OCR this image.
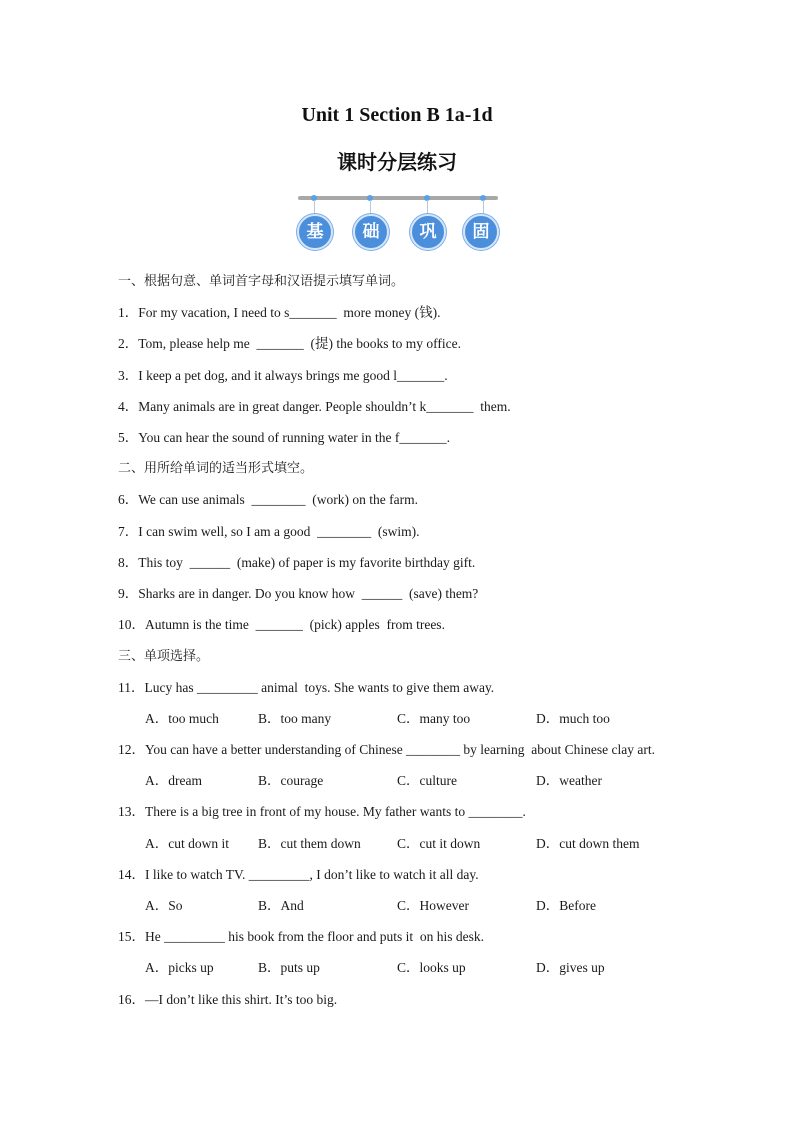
Unit 1 Section B 1a-1d
课时分层练习
基	础	巩	固
一、根据句意、单词首字母和汉语提示填写单词。
1．For my vacation, I need to s_______  more money (钱).
2．Tom, please help me  _______  (提) the books to my office.
3．I keep a pet dog, and it always brings me good l_______.
4．Many animals are in great danger. People shouldn’t k_______  them.
5．You can hear the sound of running water in the f_______.
二、用所给单词的适当形式填空。
6．We can use animals  ________  (work) on the farm.
7．I can swim well, so I am a good  ________  (swim).
8．This toy  ______  (make) of paper is my favorite birthday gift.
9．Sharks are in danger. Do you know how  ______  (save) them?
10．Autumn is the time  _______  (pick) apples  from trees.
三、单项选择。
11．Lucy has _________ animal  toys. She wants to give them away.
A．too much	B．too many	C．many too	D．much too
12．You can have a better understanding of Chinese ________ by learning  about Chinese clay art.
A．dream	B．courage	C．culture	D．weather
13．There is a big tree in front of my house. My father wants to ________.
A．cut down it B．cut them down	C．cut it down	D．cut down them
14．I like to watch TV. _________, I don’t like to watch it all day.
A．So	B．And	C．However	D．Before
15．He _________ his book from the floor and puts it  on his desk.
A．picks up	B．puts up	C．looks up	D．gives up
16．—I don’t like this shirt. It’s too big.
